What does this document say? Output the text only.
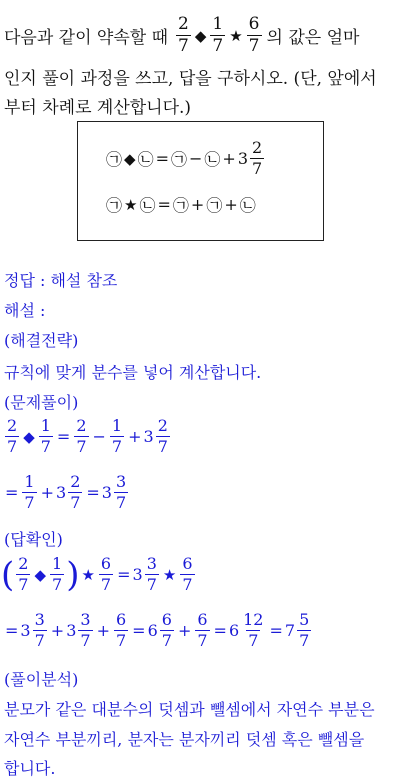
다음과 같이 약속할 때 $\frac{2}{7}$ ◆ $\frac{1}{7}$ ★ $\frac{6}{7}$ 의 값은 얼마
인지 풀이 과정을 쓰고, 답을 구하시오. (단, 앞에서
부터 차례로 계산합니다.)
㉠ ◆ ㉡ = ㉠ − ㉡ + $3 \frac{2}{7}$
㉠ ★ ㉡ = ㉠ + ㉠ + ㉡
정답 : 해설 참조
해설 :
(해결전략)
규칙에 맞게 분수를 넣어 계산합니다.
(문제풀이)
$\frac{2}{7}$ ◆ $\frac{1}{7} = \frac{2}{7} - \frac{1}{7} + 3 \frac{2}{7}$
= $\frac{1}{7} + 3 \frac{2}{7} = 3 \frac{3}{7}$
(답확인)
( $\frac{2}{7}$ ◆ $\frac{1}{7}$ ) ★ $\frac{6}{7} = 3 \frac{3}{7}$ ★ $\frac{6}{7}$
= $3 \frac{3}{7} + 3 \frac{3}{7} + \frac{6}{7} = 6 \frac{6}{7} + \frac{6}{7} = 6 \frac{12}{7} = 7 \frac{5}{7}$
(풀이분석)
분모가 같은 대분수의 덧셈과 뺄셈에서 자연수 부분은
자연수 부분끼리, 분자는 분자끼리 덧셈 혹은 뺄셈을
합니다.
